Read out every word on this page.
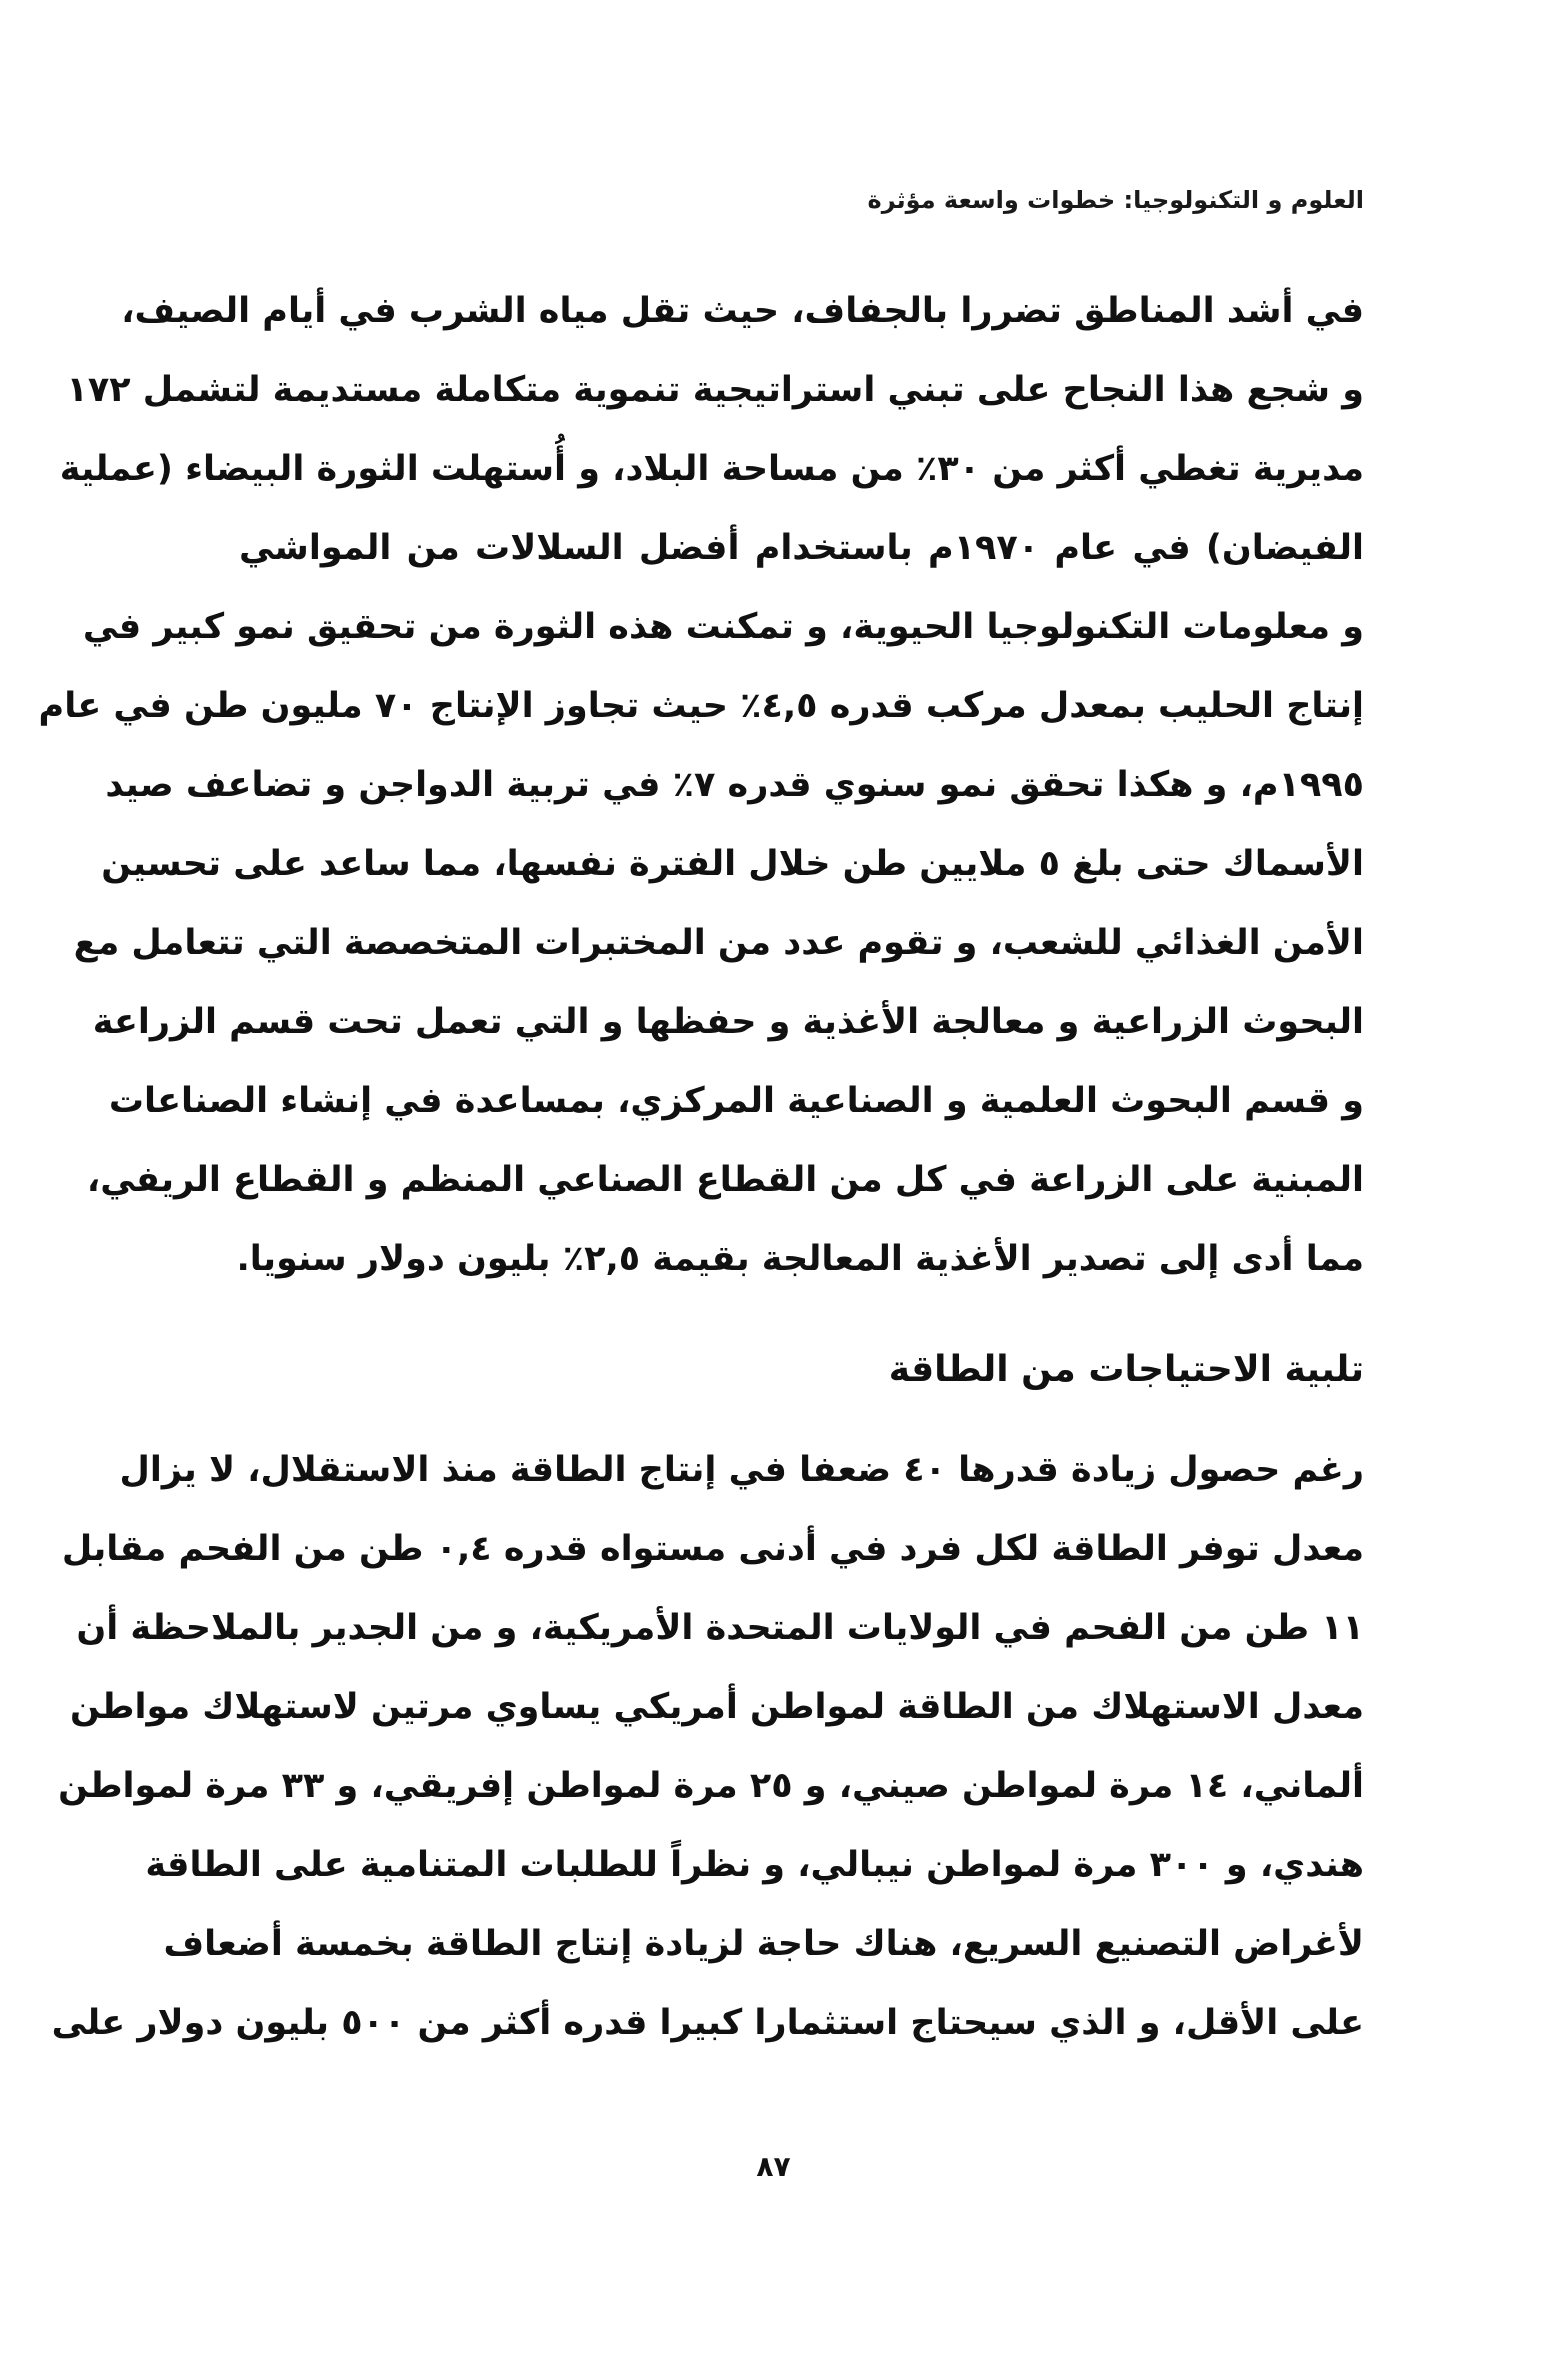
العلوم و التكنولوجيا: خطوات واسعة مؤثرة
في أشد المناطق تضررا بالجفاف، حيث تقل مياه الشرب في أيام الصيف،
و شجع هذا النجاح على تبني استراتيجية تنموية متكاملة مستديمة لتشمل ١٧٢
مديرية تغطي أكثر من ٣٠٪ من مساحة البلاد، و أُستهلت الثورة البيضاء (عملية
الفيضان) في عام ١٩٧٠م باستخدام أفضل السلالات من المواشي
و معلومات التكنولوجيا الحيوية، و تمكنت هذه الثورة من تحقيق نمو كبير في
إنتاج الحليب بمعدل مركب قدره ٤,٥٪ حيث تجاوز الإنتاج ٧٠ مليون طن في عام
١٩٩٥م، و هكذا تحقق نمو سنوي قدره ٧٪ في تربية الدواجن و تضاعف صيد
الأسماك حتى بلغ ٥ ملايين طن خلال الفترة نفسها، مما ساعد على تحسين
الأمن الغذائي للشعب، و تقوم عدد من المختبرات المتخصصة التي تتعامل مع
البحوث الزراعية و معالجة الأغذية و حفظها و التي تعمل تحت قسم الزراعة
و قسم البحوث العلمية و الصناعية المركزي، بمساعدة في إنشاء الصناعات
المبنية على الزراعة في كل من القطاع الصناعي المنظم و القطاع الريفي،
مما أدى إلى تصدير الأغذية المعالجة بقيمة ٢,٥٪ بليون دولار سنويا.
تلبية الاحتياجات من الطاقة
رغم حصول زيادة قدرها ٤٠ ضعفا في إنتاج الطاقة منذ الاستقلال، لا يزال
معدل توفر الطاقة لكل فرد في أدنى مستواه قدره ٠,٤ طن من الفحم مقابل
١١ طن من الفحم في الولايات المتحدة الأمريكية، و من الجدير بالملاحظة أن
معدل الاستهلاك من الطاقة لمواطن أمريكي يساوي مرتين لاستهلاك مواطن
ألماني، ١٤ مرة لمواطن صيني، و ٢٥ مرة لمواطن إفريقي، و ٣٣ مرة لمواطن
هندي، و ٣٠٠ مرة لمواطن نيبالي، و نظراً للطلبات المتنامية على الطاقة
لأغراض التصنيع السريع، هناك حاجة لزيادة إنتاج الطاقة بخمسة أضعاف
على الأقل، و الذي سيحتاج استثمارا كبيرا قدره أكثر من ٥٠٠ بليون دولار على
٨٧
